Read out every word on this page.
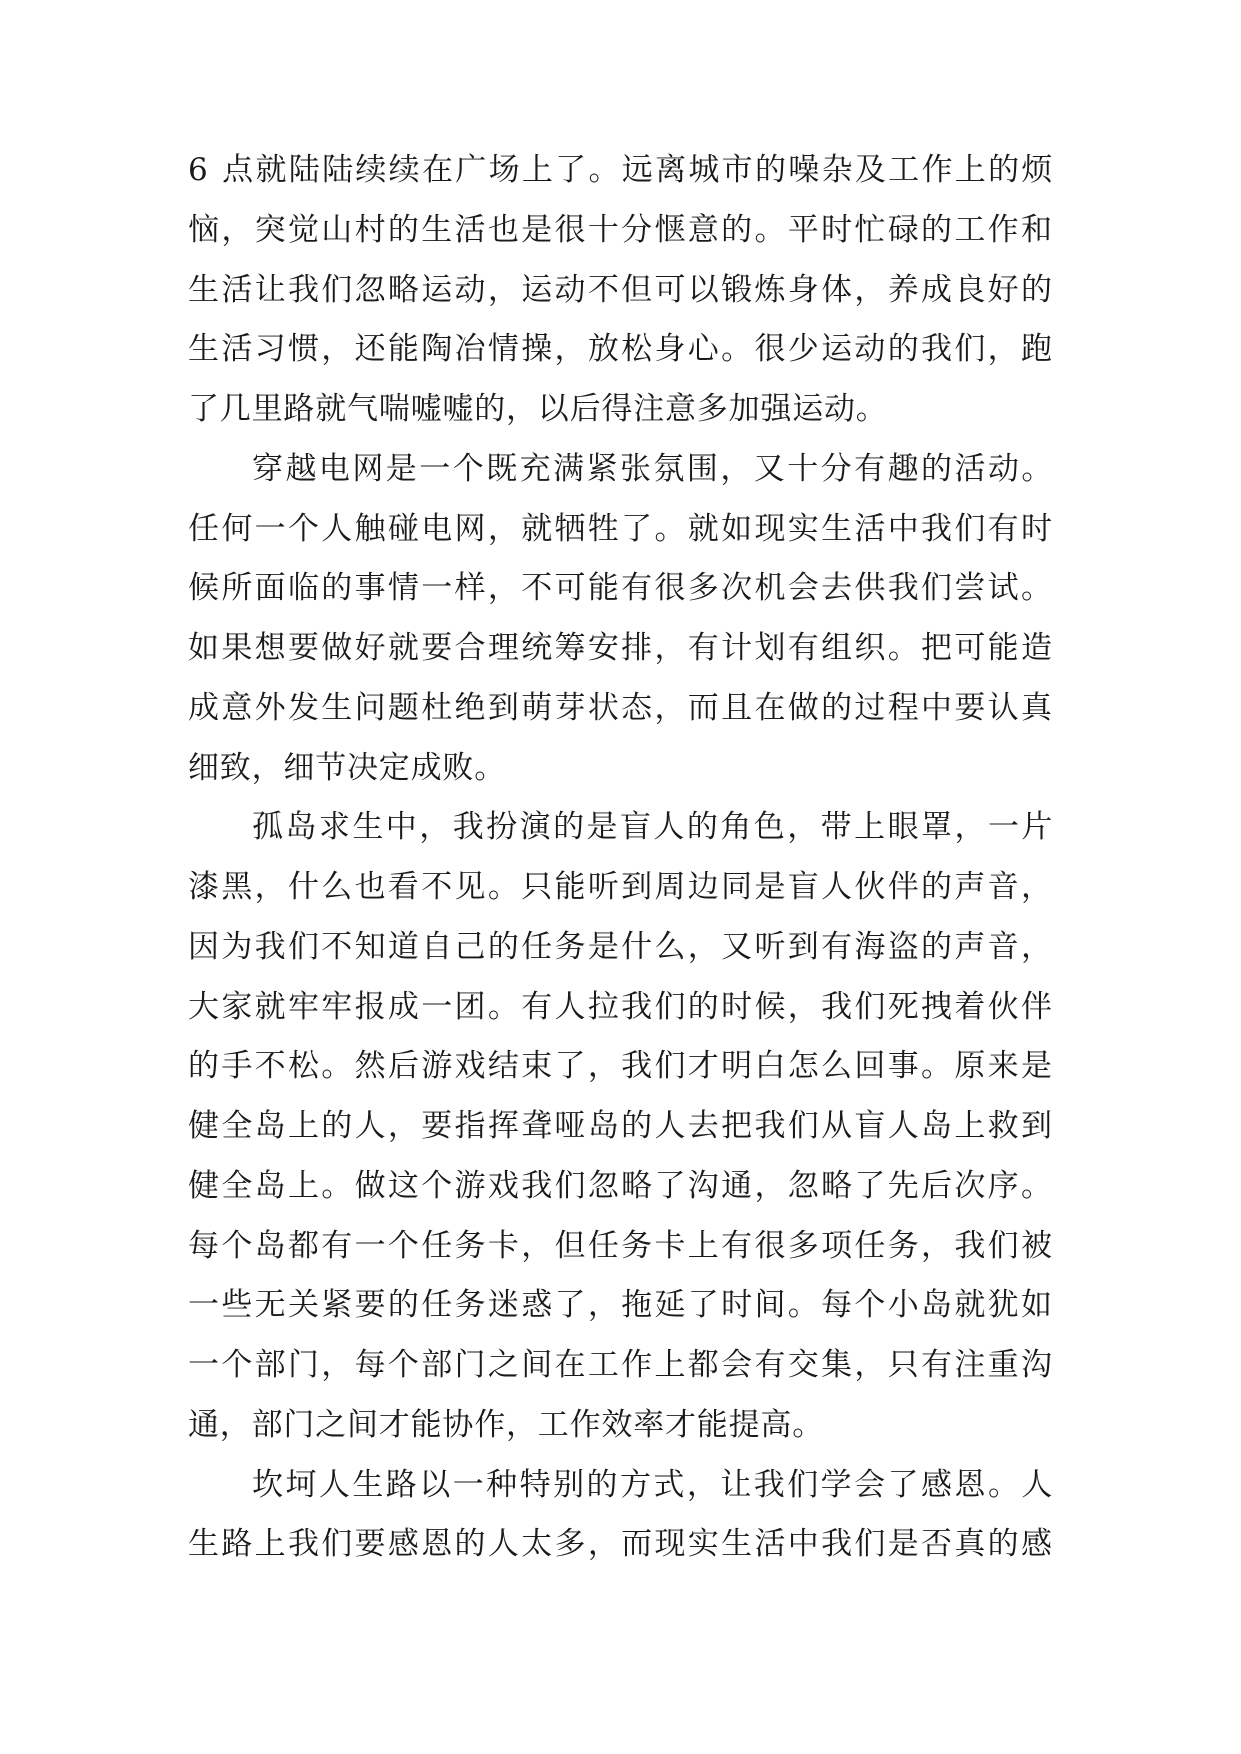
6 点就陆陆续续在广场上了。远离城市的噪杂及工作上的烦
恼，突觉山村的生活也是很十分惬意的。平时忙碌的工作和
生活让我们忽略运动，运动不但可以锻炼身体，养成良好的
生活习惯，还能陶冶情操，放松身心。很少运动的我们，跑
了几里路就气喘嘘嘘的，以后得注意多加强运动。
穿越电网是一个既充满紧张氛围，又十分有趣的活动。
任何一个人触碰电网，就牺牲了。就如现实生活中我们有时
候所面临的事情一样，不可能有很多次机会去供我们尝试。
如果想要做好就要合理统筹安排，有计划有组织。把可能造
成意外发生问题杜绝到萌芽状态，而且在做的过程中要认真
细致，细节决定成败。
孤岛求生中，我扮演的是盲人的角色，带上眼罩，一片
漆黑，什么也看不见。只能听到周边同是盲人伙伴的声音，
因为我们不知道自己的任务是什么，又听到有海盗的声音，
大家就牢牢报成一团。有人拉我们的时候，我们死拽着伙伴
的手不松。然后游戏结束了，我们才明白怎么回事。原来是
健全岛上的人，要指挥聋哑岛的人去把我们从盲人岛上救到
健全岛上。做这个游戏我们忽略了沟通，忽略了先后次序。
每个岛都有一个任务卡，但任务卡上有很多项任务，我们被
一些无关紧要的任务迷惑了，拖延了时间。每个小岛就犹如
一个部门，每个部门之间在工作上都会有交集，只有注重沟
通，部门之间才能协作，工作效率才能提高。
坎坷人生路以一种特别的方式，让我们学会了感恩。人
生路上我们要感恩的人太多，而现实生活中我们是否真的感
